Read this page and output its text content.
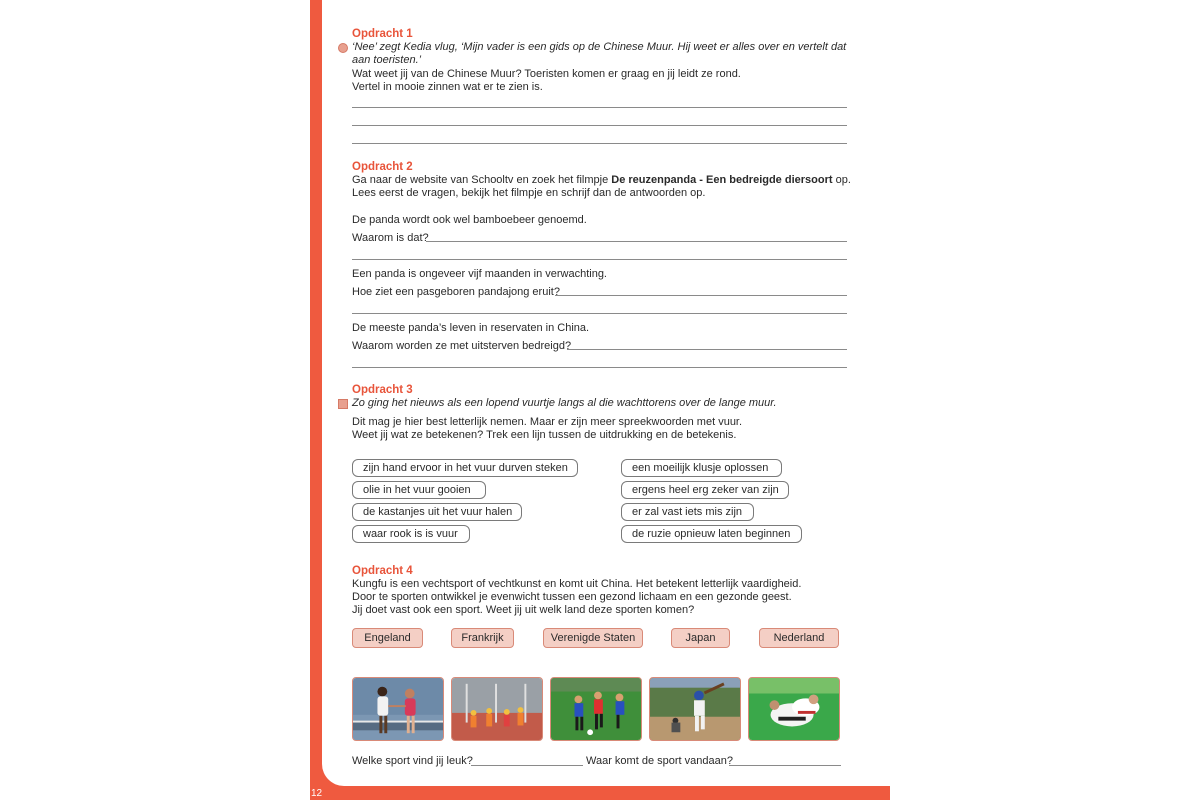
12
Opdracht 1
‘Nee’ zegt Kedia vlug, ‘Mijn vader is een gids op de Chinese Muur. Hij weet er alles over en vertelt dat
aan toeristen.’
Wat weet jij van de Chinese Muur? Toeristen komen er graag en jij leidt ze rond.
Vertel in mooie zinnen wat er te zien is.
Opdracht 2
Ga naar de website van Schooltv en zoek het filmpje De reuzenpanda - Een bedreigde diersoort op.
Lees eerst de vragen, bekijk het filmpje en schrijf dan de antwoorden op.
De panda wordt ook wel bamboebeer genoemd.
Waarom is dat?
Een panda is ongeveer vijf maanden in verwachting.
Hoe ziet een pasgeboren pandajong eruit?
De meeste panda’s leven in reservaten in China.
Waarom worden ze met uitsterven bedreigd?
Opdracht 3
Zo ging het nieuws als een lopend vuurtje langs al die wachttorens over de lange muur.
Dit mag je hier best letterlijk nemen. Maar er zijn meer spreekwoorden met vuur.
Weet jij wat ze betekenen? Trek een lijn tussen de uitdrukking en de betekenis.
zijn hand ervoor in het vuur durven steken
olie in het vuur gooien
de kastanjes uit het vuur halen
waar rook is is vuur
een moeilijk klusje oplossen
ergens heel erg zeker van zijn
er zal vast iets mis zijn
de ruzie opnieuw laten beginnen
Opdracht 4
Kungfu is een vechtsport of vechtkunst en komt uit China. Het betekent letterlijk vaardigheid.
Door te sporten ontwikkel je evenwicht tussen een gezond lichaam en een gezonde geest.
Jij doet vast ook een sport. Weet jij uit welk land deze sporten komen?
Engeland	Frankrijk	Verenigde Staten	Japan	Nederland
Welke sport vind jij leuk?	Waar komt de sport vandaan?
